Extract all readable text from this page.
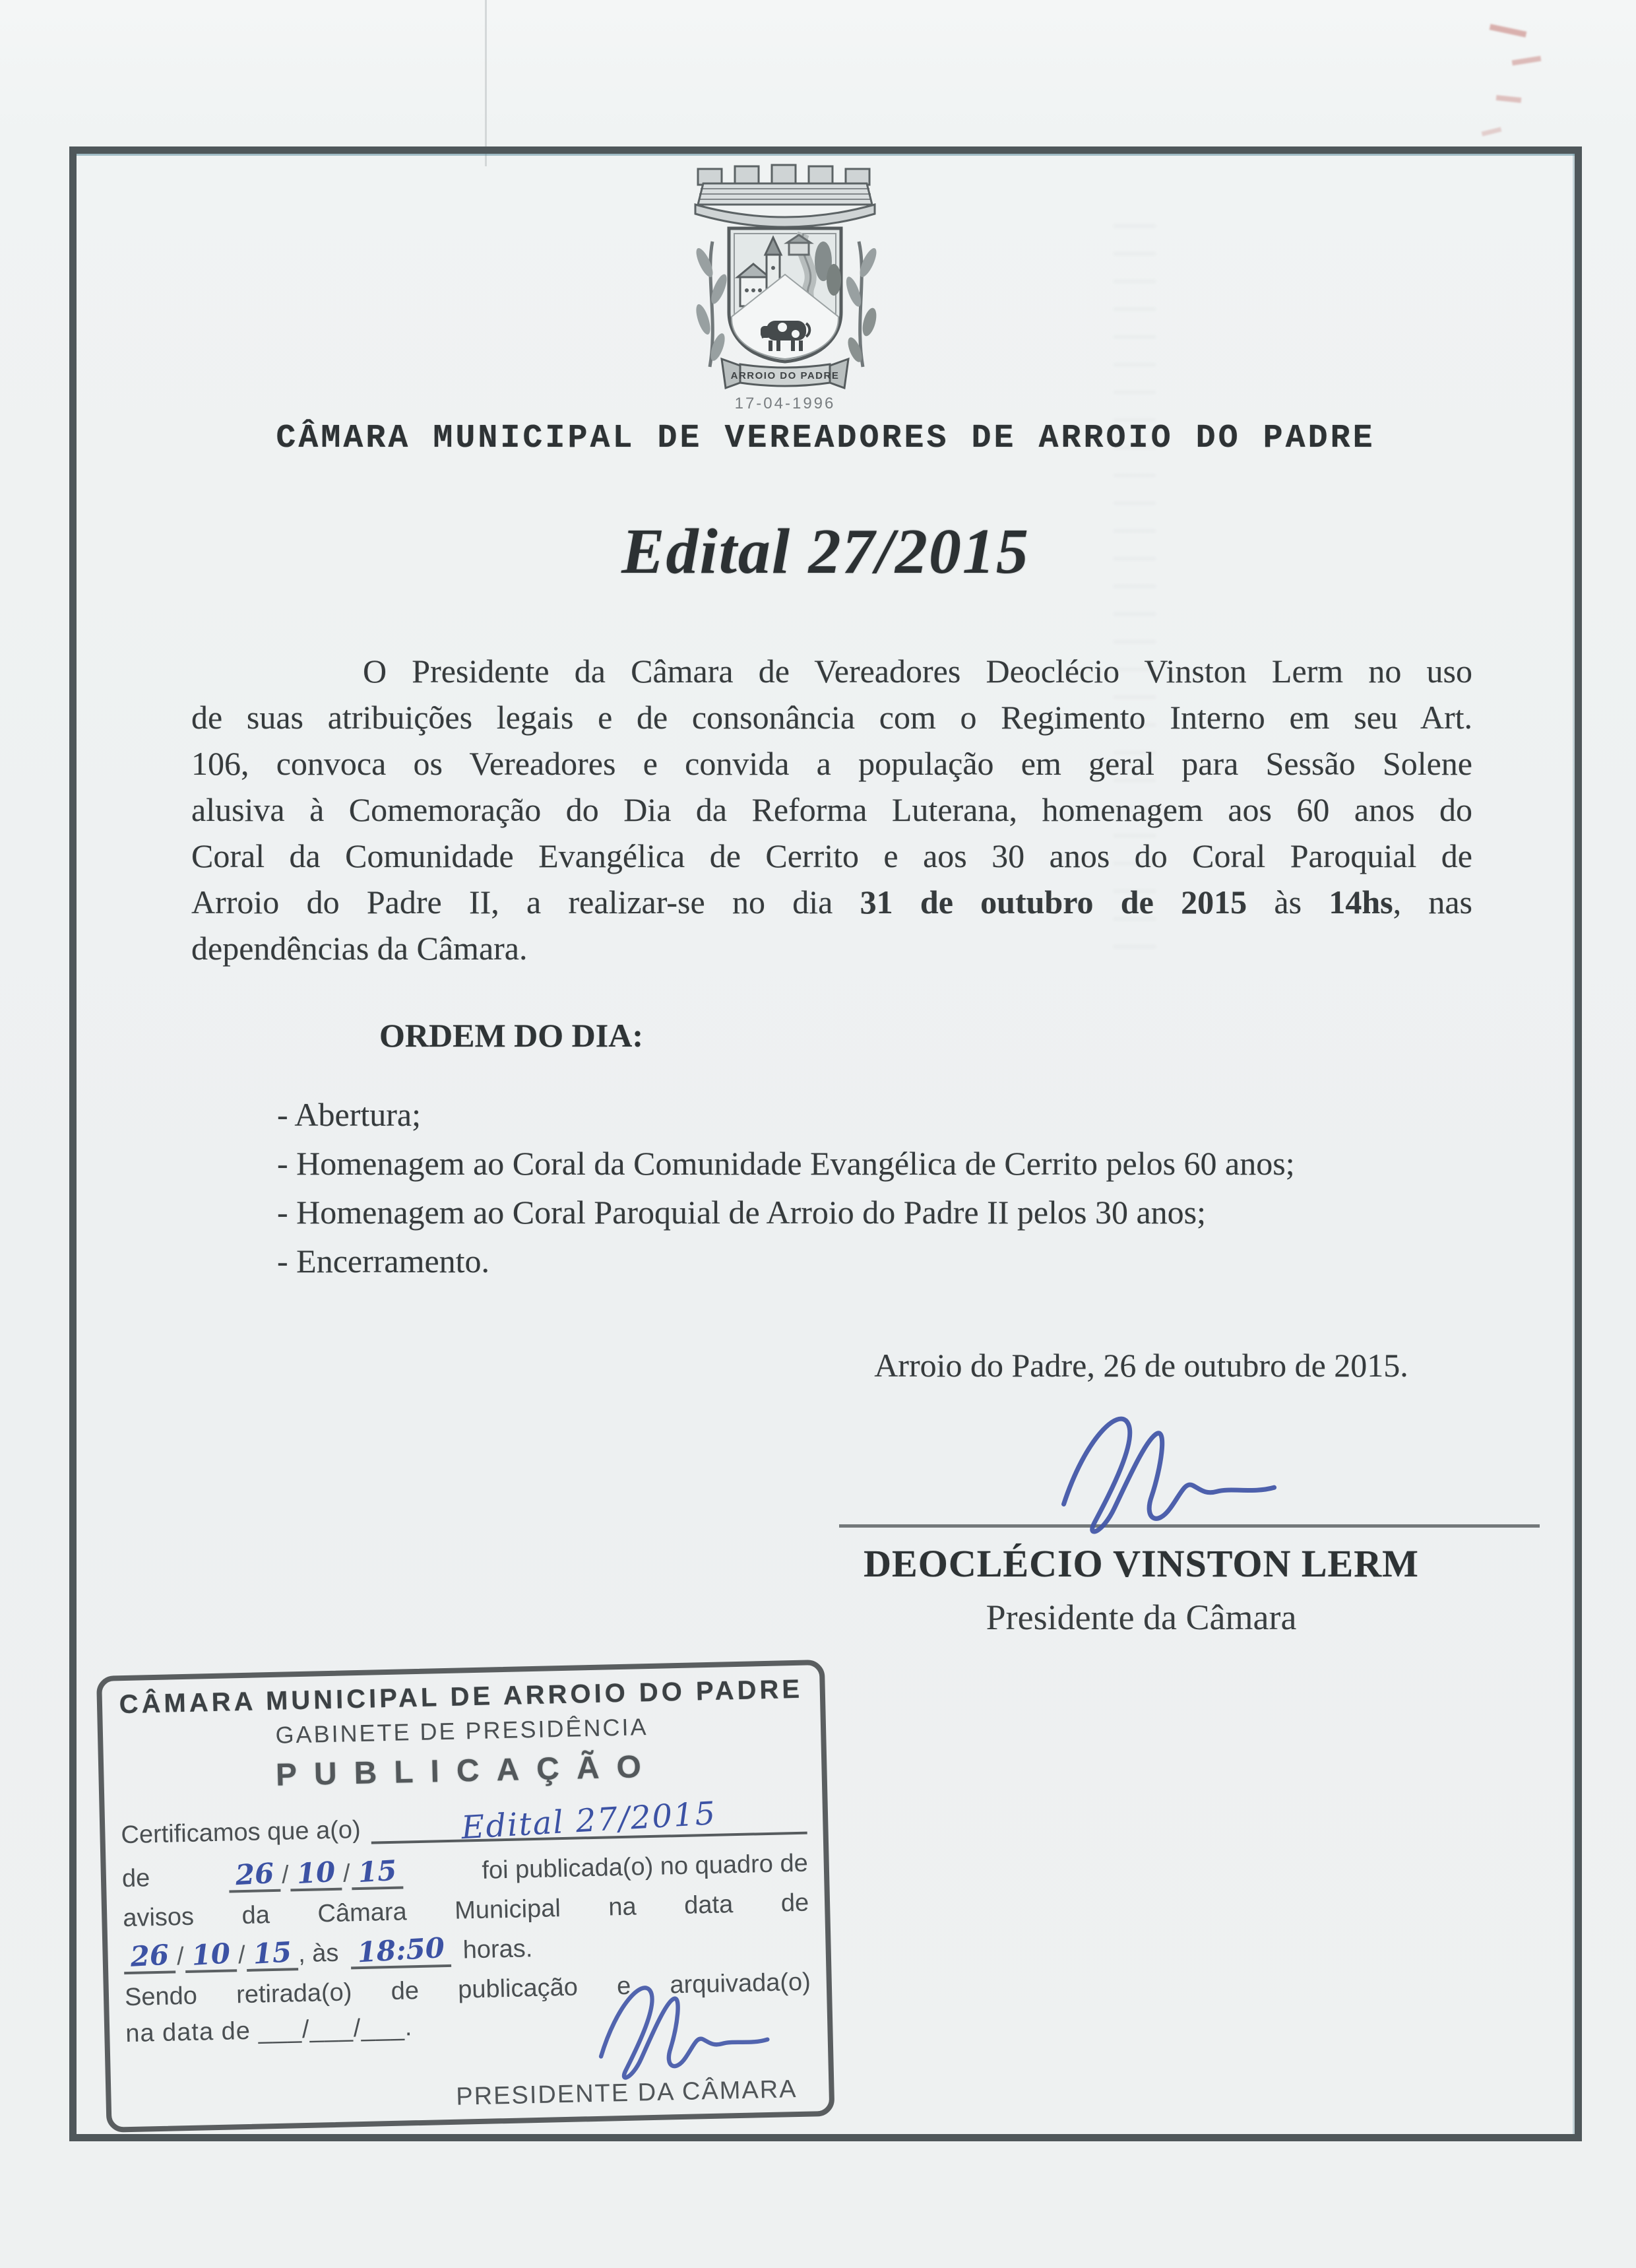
ARROIO DO PADRE
17-04-1996
CÂMARA MUNICIPAL DE VEREADORES DE ARROIO DO PADRE
Edital 27/2015
O Presidente da Câmara de Vereadores Deoclécio Vinston Lerm no uso
de suas atribuições legais e de consonância com o Regimento Interno em seu Art.
106, convoca os Vereadores e convida a população em geral para Sessão Solene
alusiva à Comemoração do Dia da Reforma Luterana, homenagem aos 60 anos do
Coral da Comunidade Evangélica de Cerrito e aos 30 anos do Coral Paroquial de
Arroio do Padre II, a realizar-se no dia 31 de outubro de 2015 às 14hs, nas
dependências da Câmara.
ORDEM DO DIA:
- Abertura;
- Homenagem ao Coral da Comunidade Evangélica de Cerrito pelos 60 anos;
- Homenagem ao Coral Paroquial de Arroio do Padre II pelos 30 anos;
- Encerramento.
Arroio do Padre, 26 de outubro de 2015.
DEOCLÉCIO VINSTON LERM
Presidente da Câmara
CÂMARA MUNICIPAL DE ARROIO DO PADRE
GABINETE DE PRESIDÊNCIA
PUBLICAÇÃO
Certificamos que a(o)	Edital 27/2015
de	26 / 10 / 15	foi publicada(o) no quadro de
avisos da Câmara Municipal na data de
26 / 10 / 15 , às 18:50 horas.
Sendo retirada(o) de publicação e arquivada(o)
na data de ___/___/___.
PRESIDENTE DA CÂMARA
